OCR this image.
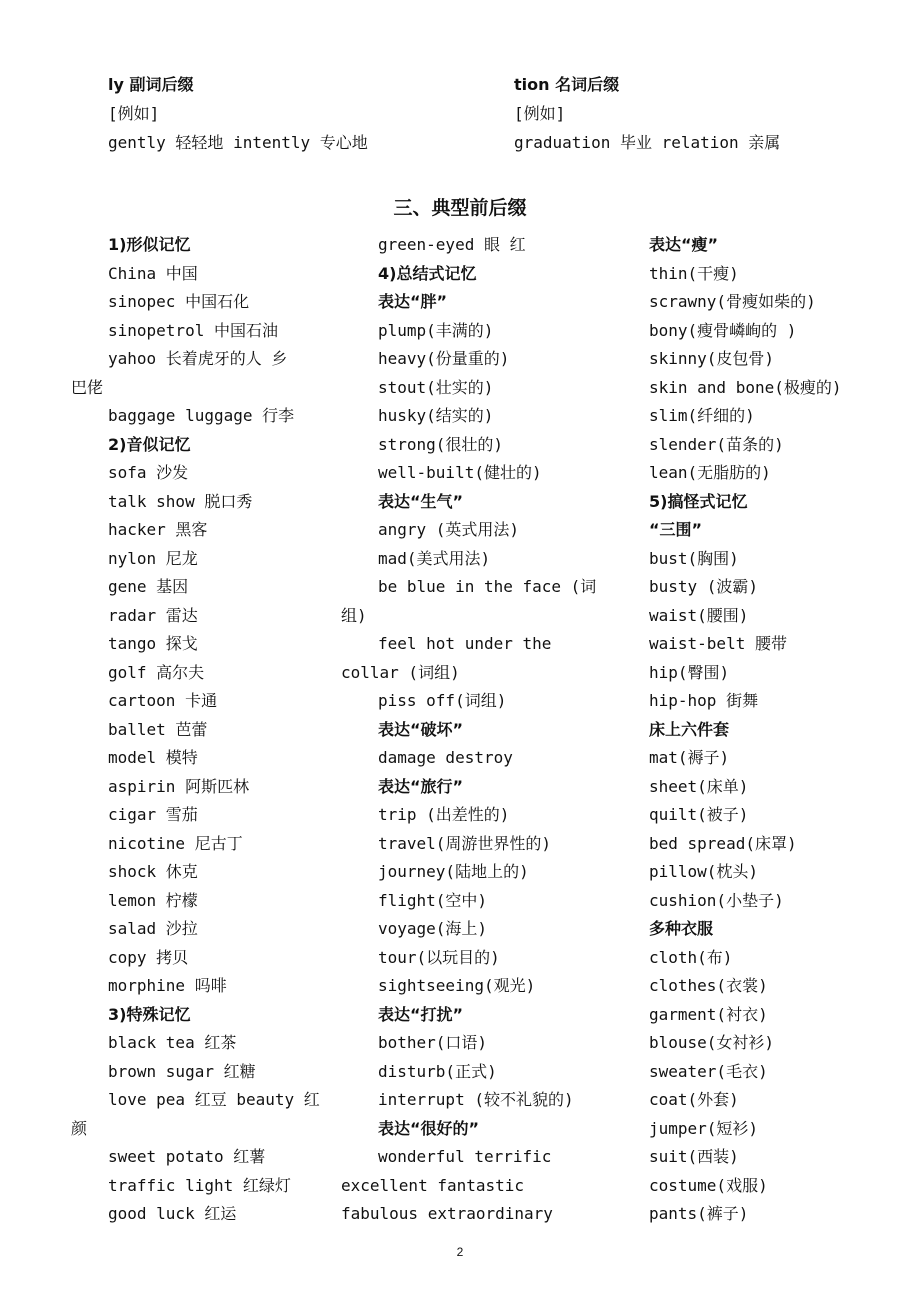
ly 副词后缀
[例如]
gently 轻轻地 intently 专心地
tion 名词后缀
[例如]
graduation 毕业 relation 亲属
三、典型前后缀
1)形似记忆
China 中国
sinopec 中国石化
sinopetrol 中国石油
yahoo 长着虎牙的人 乡
巴佬
baggage luggage 行李
2)音似记忆
sofa 沙发
talk show 脱口秀
hacker 黑客
nylon 尼龙
gene 基因
radar 雷达
tango 探戈
golf 高尔夫
cartoon 卡通
ballet 芭蕾
model 模特
aspirin 阿斯匹林
cigar 雪茄
nicotine 尼古丁
shock 休克
lemon 柠檬
salad 沙拉
copy 拷贝
morphine 吗啡
3)特殊记忆
black tea 红茶
brown sugar 红糖
love pea 红豆 beauty 红
颜
sweet potato 红薯
traffic light 红绿灯
good luck 红运
green-eyed 眼 红
4)总结式记忆
表达“胖”
plump(丰满的)
heavy(份量重的)
stout(壮实的)
husky(结实的)
strong(很壮的)
well-built(健壮的)
表达“生气”
angry (英式用法)
mad(美式用法)
be blue in the face (词
组)
feel hot under the
collar (词组)
piss off(词组)
表达“破坏”
damage destroy
表达“旅行”
trip (出差性的)
travel(周游世界性的)
journey(陆地上的)
flight(空中)
voyage(海上)
tour(以玩目的)
sightseeing(观光)
表达“打扰”
bother(口语)
disturb(正式)
interrupt (较不礼貌的)
表达“很好的”
wonderful terrific
excellent fantastic
fabulous extraordinary
表达“瘦”
thin(干瘦)
scrawny(骨瘦如柴的)
bony(瘦骨嶙峋的 )
skinny(皮包骨)
skin and bone(极瘦的)
slim(纤细的)
slender(苗条的)
lean(无脂肪的)
5)搞怪式记忆
“三围”
bust(胸围)
busty (波霸)
waist(腰围)
waist-belt 腰带
hip(臀围)
hip-hop 街舞
床上六件套
mat(褥子)
sheet(床单)
quilt(被子)
bed spread(床罩)
pillow(枕头)
cushion(小垫子)
多种衣服
cloth(布)
clothes(衣裳)
garment(衬衣)
blouse(女衬衫)
sweater(毛衣)
coat(外套)
jumper(短衫)
suit(西装)
costume(戏服)
pants(裤子)
2
